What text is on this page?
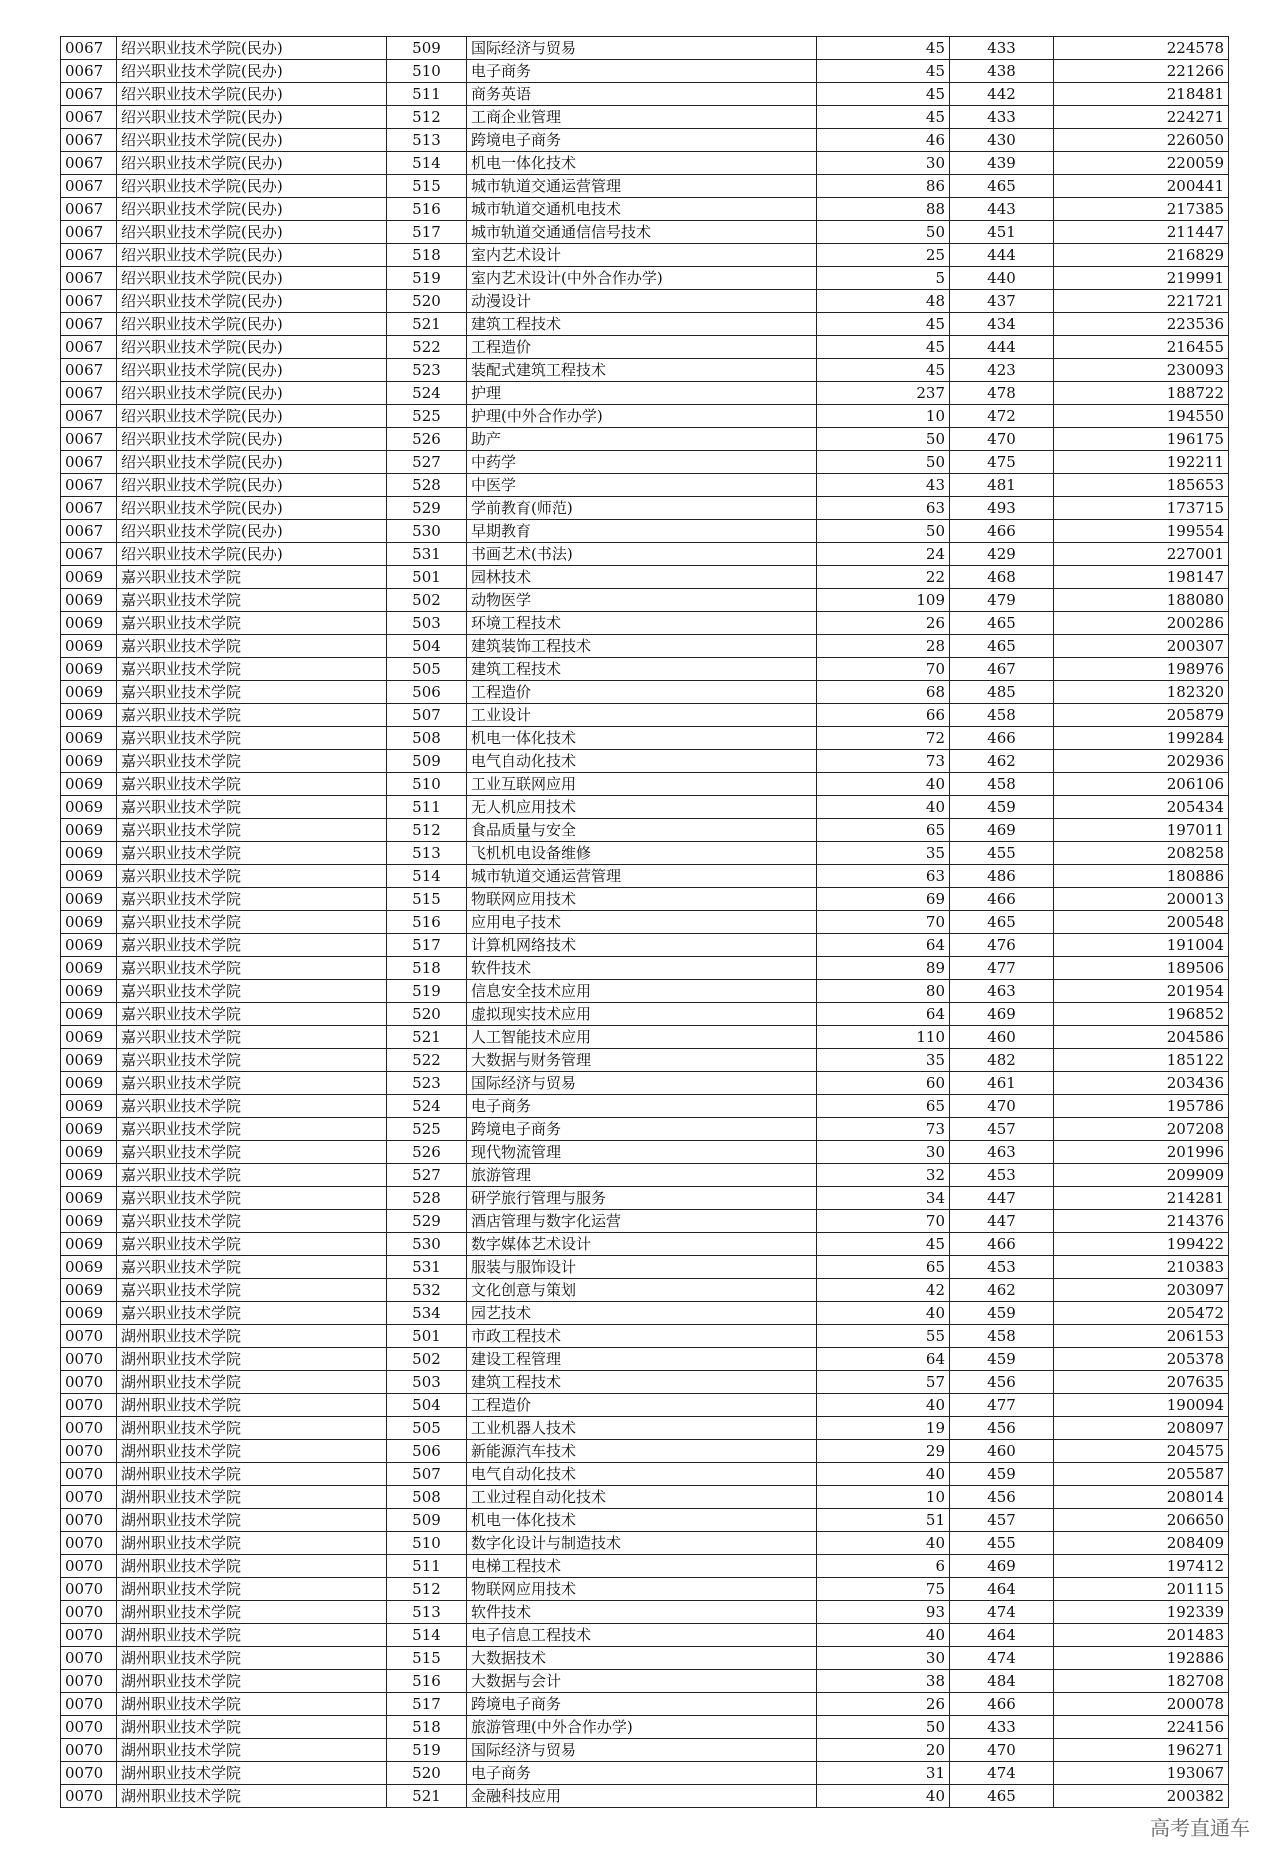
0067	绍兴职业技术学院(民办)	509	国际经济与贸易	45	433	224578
0067	绍兴职业技术学院(民办)	510	电子商务	45	438	221266
0067	绍兴职业技术学院(民办)	511	商务英语	45	442	218481
0067	绍兴职业技术学院(民办)	512	工商企业管理	45	433	224271
0067	绍兴职业技术学院(民办)	513	跨境电子商务	46	430	226050
0067	绍兴职业技术学院(民办)	514	机电一体化技术	30	439	220059
0067	绍兴职业技术学院(民办)	515	城市轨道交通运营管理	86	465	200441
0067	绍兴职业技术学院(民办)	516	城市轨道交通机电技术	88	443	217385
0067	绍兴职业技术学院(民办)	517	城市轨道交通通信信号技术	50	451	211447
0067	绍兴职业技术学院(民办)	518	室内艺术设计	25	444	216829
0067	绍兴职业技术学院(民办)	519	室内艺术设计(中外合作办学)	5	440	219991
0067	绍兴职业技术学院(民办)	520	动漫设计	48	437	221721
0067	绍兴职业技术学院(民办)	521	建筑工程技术	45	434	223536
0067	绍兴职业技术学院(民办)	522	工程造价	45	444	216455
0067	绍兴职业技术学院(民办)	523	装配式建筑工程技术	45	423	230093
0067	绍兴职业技术学院(民办)	524	护理	237	478	188722
0067	绍兴职业技术学院(民办)	525	护理(中外合作办学)	10	472	194550
0067	绍兴职业技术学院(民办)	526	助产	50	470	196175
0067	绍兴职业技术学院(民办)	527	中药学	50	475	192211
0067	绍兴职业技术学院(民办)	528	中医学	43	481	185653
0067	绍兴职业技术学院(民办)	529	学前教育(师范)	63	493	173715
0067	绍兴职业技术学院(民办)	530	早期教育	50	466	199554
0067	绍兴职业技术学院(民办)	531	书画艺术(书法)	24	429	227001
0069	嘉兴职业技术学院	501	园林技术	22	468	198147
0069	嘉兴职业技术学院	502	动物医学	109	479	188080
0069	嘉兴职业技术学院	503	环境工程技术	26	465	200286
0069	嘉兴职业技术学院	504	建筑装饰工程技术	28	465	200307
0069	嘉兴职业技术学院	505	建筑工程技术	70	467	198976
0069	嘉兴职业技术学院	506	工程造价	68	485	182320
0069	嘉兴职业技术学院	507	工业设计	66	458	205879
0069	嘉兴职业技术学院	508	机电一体化技术	72	466	199284
0069	嘉兴职业技术学院	509	电气自动化技术	73	462	202936
0069	嘉兴职业技术学院	510	工业互联网应用	40	458	206106
0069	嘉兴职业技术学院	511	无人机应用技术	40	459	205434
0069	嘉兴职业技术学院	512	食品质量与安全	65	469	197011
0069	嘉兴职业技术学院	513	飞机机电设备维修	35	455	208258
0069	嘉兴职业技术学院	514	城市轨道交通运营管理	63	486	180886
0069	嘉兴职业技术学院	515	物联网应用技术	69	466	200013
0069	嘉兴职业技术学院	516	应用电子技术	70	465	200548
0069	嘉兴职业技术学院	517	计算机网络技术	64	476	191004
0069	嘉兴职业技术学院	518	软件技术	89	477	189506
0069	嘉兴职业技术学院	519	信息安全技术应用	80	463	201954
0069	嘉兴职业技术学院	520	虚拟现实技术应用	64	469	196852
0069	嘉兴职业技术学院	521	人工智能技术应用	110	460	204586
0069	嘉兴职业技术学院	522	大数据与财务管理	35	482	185122
0069	嘉兴职业技术学院	523	国际经济与贸易	60	461	203436
0069	嘉兴职业技术学院	524	电子商务	65	470	195786
0069	嘉兴职业技术学院	525	跨境电子商务	73	457	207208
0069	嘉兴职业技术学院	526	现代物流管理	30	463	201996
0069	嘉兴职业技术学院	527	旅游管理	32	453	209909
0069	嘉兴职业技术学院	528	研学旅行管理与服务	34	447	214281
0069	嘉兴职业技术学院	529	酒店管理与数字化运营	70	447	214376
0069	嘉兴职业技术学院	530	数字媒体艺术设计	45	466	199422
0069	嘉兴职业技术学院	531	服装与服饰设计	65	453	210383
0069	嘉兴职业技术学院	532	文化创意与策划	42	462	203097
0069	嘉兴职业技术学院	534	园艺技术	40	459	205472
0070	湖州职业技术学院	501	市政工程技术	55	458	206153
0070	湖州职业技术学院	502	建设工程管理	64	459	205378
0070	湖州职业技术学院	503	建筑工程技术	57	456	207635
0070	湖州职业技术学院	504	工程造价	40	477	190094
0070	湖州职业技术学院	505	工业机器人技术	19	456	208097
0070	湖州职业技术学院	506	新能源汽车技术	29	460	204575
0070	湖州职业技术学院	507	电气自动化技术	40	459	205587
0070	湖州职业技术学院	508	工业过程自动化技术	10	456	208014
0070	湖州职业技术学院	509	机电一体化技术	51	457	206650
0070	湖州职业技术学院	510	数字化设计与制造技术	40	455	208409
0070	湖州职业技术学院	511	电梯工程技术	6	469	197412
0070	湖州职业技术学院	512	物联网应用技术	75	464	201115
0070	湖州职业技术学院	513	软件技术	93	474	192339
0070	湖州职业技术学院	514	电子信息工程技术	40	464	201483
0070	湖州职业技术学院	515	大数据技术	30	474	192886
0070	湖州职业技术学院	516	大数据与会计	38	484	182708
0070	湖州职业技术学院	517	跨境电子商务	26	466	200078
0070	湖州职业技术学院	518	旅游管理(中外合作办学)	50	433	224156
0070	湖州职业技术学院	519	国际经济与贸易	20	470	196271
0070	湖州职业技术学院	520	电子商务	31	474	193067
0070	湖州职业技术学院	521	金融科技应用	40	465	200382
高考直通车
